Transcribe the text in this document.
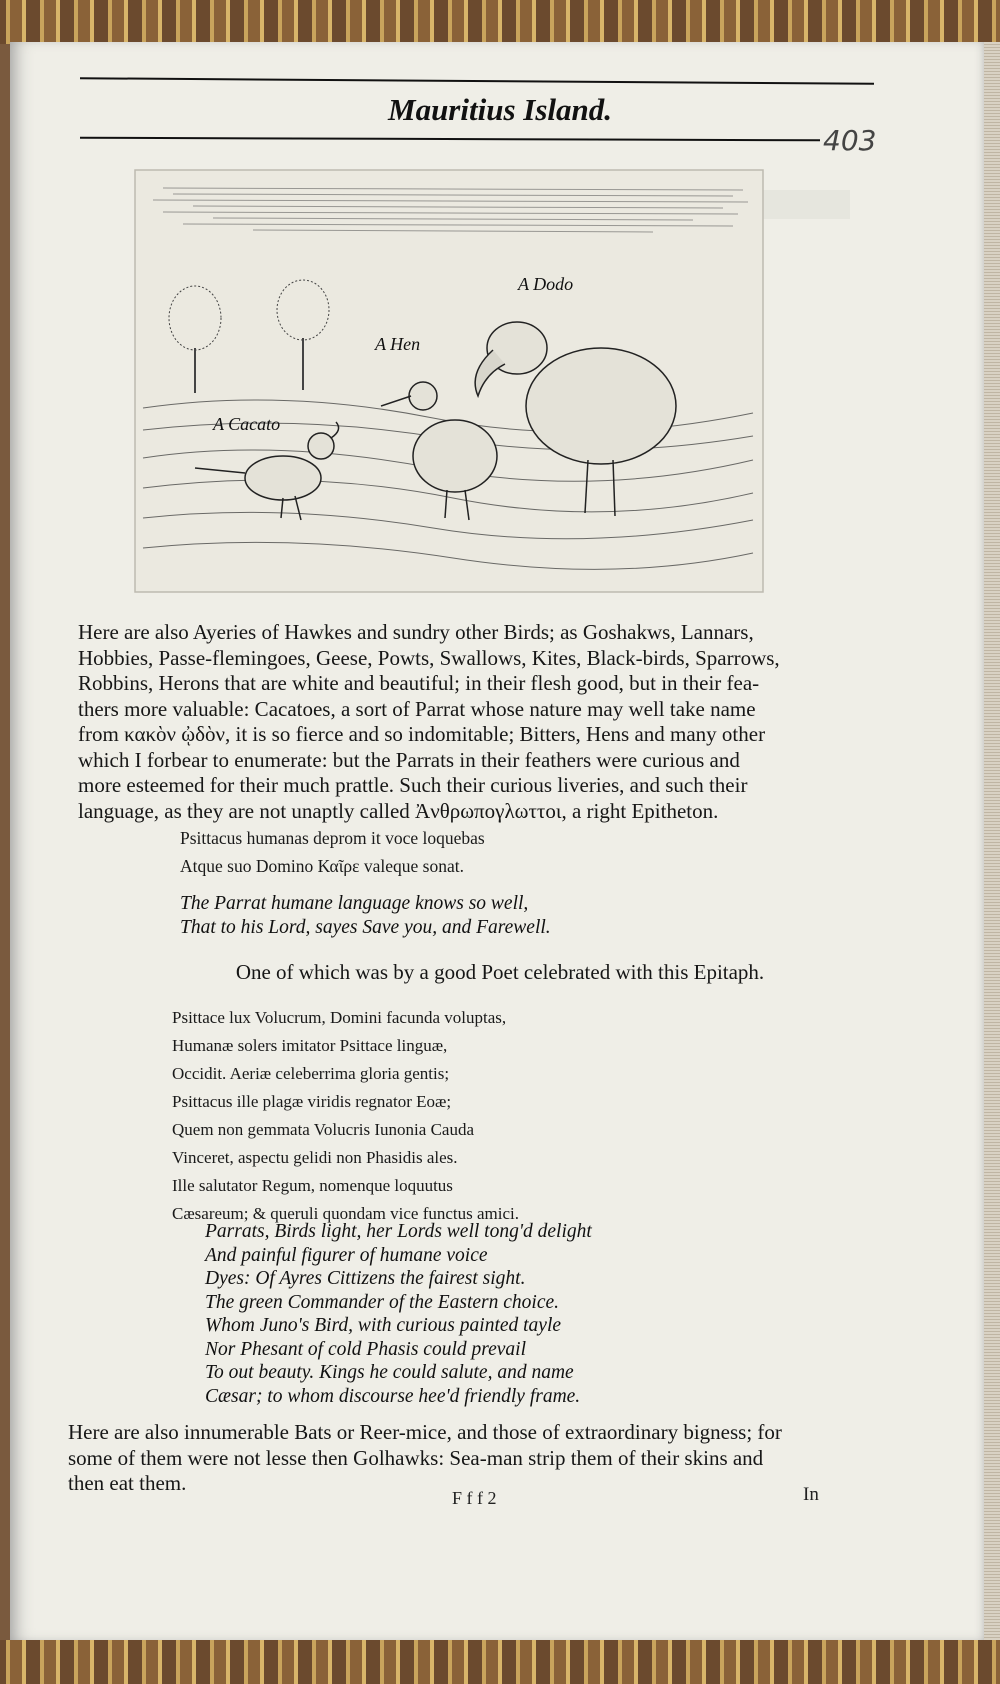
Mauritius Island.
403
A Dodo
A Hen
A Cacato
Here are also Ayeries of Hawkes and sundry other Birds; as Goshakws, Lannars,
Hobbies, Passe-flemingoes, Geese, Powts, Swallows, Kites, Black-birds, Sparrows,
Robbins, Herons that are white and beautiful; in their flesh good, but in their fea-
thers more valuable: Cacatoes, a sort of Parrat whose nature may well take name
from κακὸν ᾠδὸν, it is so fierce and so indomitable; Bitters, Hens and many other
which I forbear to enumerate: but the Parrats in their feathers were curious and
more esteemed for their much prattle. Such their curious liveries, and such their
language, as they are not unaptly called Ἀνθρωπογλωττοι, a right Epitheton.
Psittacus humanas deprom it voce loquebas
Atque suo Domino Καῖρε valeque sonat.
The Parrat humane language knows so well,
That to his Lord, sayes Save you, and Farewell.
One of which was by a good Poet celebrated with this Epitaph.
Psittace lux Volucrum, Domini facunda voluptas,
Humanæ solers imitator Psittace linguæ,
Occidit. Aeriæ celeberrima gloria gentis;
Psittacus ille plagæ viridis regnator Eoæ;
Quem non gemmata Volucris Iunonia Cauda
Vinceret, aspectu gelidi non Phasidis ales.
Ille salutator Regum, nomenque loquutus
Cæsareum; & queruli quondam vice functus amici.
Parrats, Birds light, her Lords well tong'd delight
And painful figurer of humane voice
Dyes: Of Ayres Cittizens the fairest sight.
The green Commander of the Eastern choice.
Whom Juno's Bird, with curious painted tayle
Nor Phesant of cold Phasis could prevail
To out beauty. Kings he could salute, and name
Cæsar; to whom discourse hee'd friendly frame.
Here are also innumerable Bats or Reer-mice, and those of extraordinary bigness; for
some of them were not lesse then Golhawks: Sea-man strip them of their skins and
then eat them.
F f f 2	In
